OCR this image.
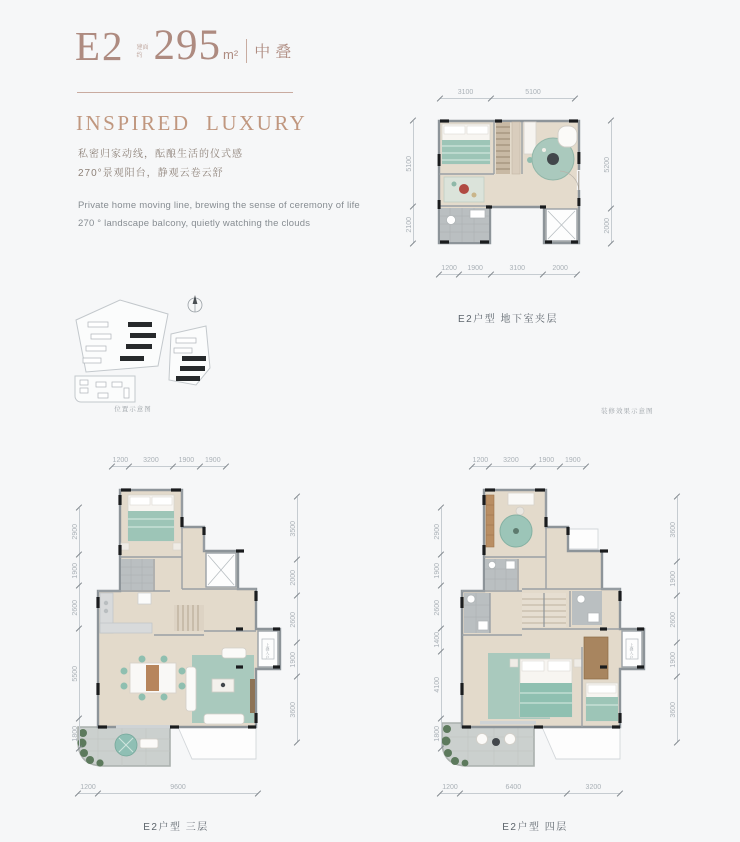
E2 建面约 295 m² 中叠
INSPIRED  LUXURY
私密归家动线，酝酿生活的仪式感
270°景观阳台，静观云卷云舒
Private home moving line, brewing the sense of ceremony of life
270 ° landscape balcony, quietly watching the clouds
位置示意图	装修效果示意图
3100	5100
1200 1900	3100	2000
5100
2100
5200
2000
E2户型 地下室夹层
上叠入户
1200 3200	1900 1900
2900
1900
2600
5500
1800
3500
2000
2600
1900
3600
1200	9600
E2户型 三层
上叠入户
1200 3200	1900 1900
2900
1900
2600
1400
4100
1800
3600
1900
2600
1900
3600
1200	6400	3200
E2户型 四层
